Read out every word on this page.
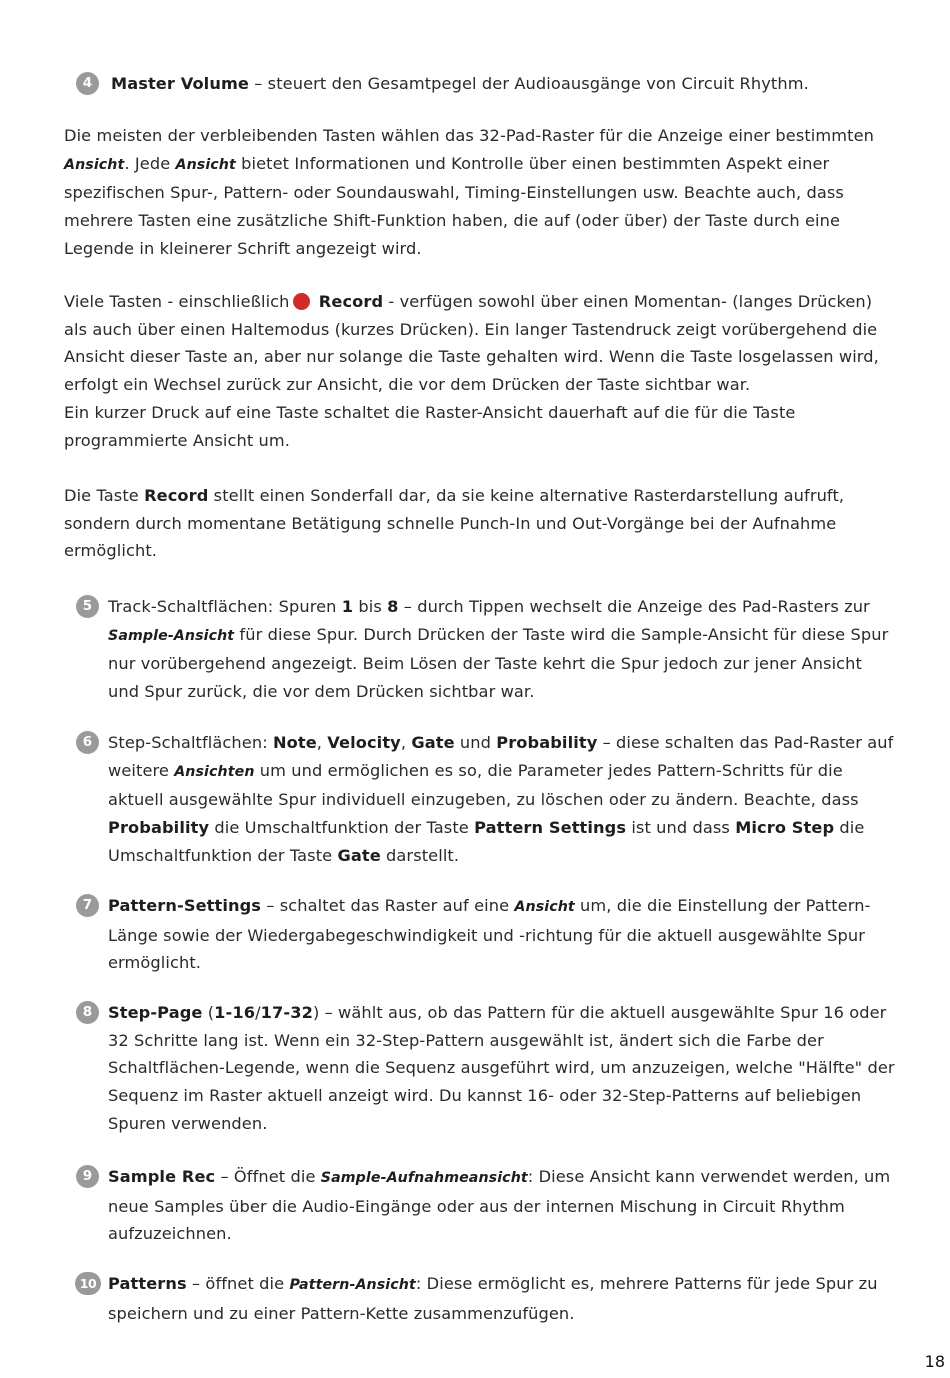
4	Master Volume – steuert den Gesamtpegel der Audioausgänge von Circuit Rhythm.

Die meisten der verbleibenden Tasten wählen das 32-Pad-Raster für die Anzeige einer bestimmten Ansicht. Jede Ansicht bietet Informationen und Kontrolle über einen bestimmten Aspekt einer spezifischen Spur-, Pattern- oder Soundauswahl, Timing-Einstellungen usw. Beachte auch, dass mehrere Tasten eine zusätzliche Shift-Funktion haben, die auf (oder über) der Taste durch eine Legende in kleinerer Schrift angezeigt wird.

Viele Tasten - einschließlich Record - verfügen sowohl über einen Momentan- (langes Drücken) als auch über einen Haltemodus (kurzes Drücken). Ein langer Tastendruck zeigt vorübergehend die Ansicht dieser Taste an, aber nur solange die Taste gehalten wird. Wenn die Taste losgelassen wird, erfolgt ein Wechsel zurück zur Ansicht, die vor dem Drücken der Taste sichtbar war.
Ein kurzer Druck auf eine Taste schaltet die Raster-Ansicht dauerhaft auf die für die Taste programmierte Ansicht um.

Die Taste Record stellt einen Sonderfall dar, da sie keine alternative Rasterdarstellung aufruft, sondern durch momentane Betätigung schnelle Punch-In und Out-Vorgänge bei der Aufnahme ermöglicht.

5 Track-Schaltflächen: Spuren 1 bis 8 – durch Tippen wechselt die Anzeige des Pad-Rasters zur Sample-Ansicht für diese Spur. Durch Drücken der Taste wird die Sample-Ansicht für diese Spur nur vorübergehend angezeigt. Beim Lösen der Taste kehrt die Spur jedoch zur jener Ansicht und Spur zurück, die vor dem Drücken sichtbar war.

6 Step-Schaltflächen: Note, Velocity, Gate und Probability – diese schalten das Pad-Raster auf weitere Ansichten um und ermöglichen es so, die Parameter jedes Pattern-Schritts für die aktuell ausgewählte Spur individuell einzugeben, zu löschen oder zu ändern. Beachte, dass Probability die Umschaltfunktion der Taste Pattern Settings ist und dass Micro Step die Umschaltfunktion der Taste Gate darstellt.

7 Pattern-Settings – schaltet das Raster auf eine Ansicht um, die die Einstellung der Pattern-Länge sowie der Wiedergabegeschwindigkeit und -richtung für die aktuell ausgewählte Spur ermöglicht.

8 Step-Page (1-16/17-32) – wählt aus, ob das Pattern für die aktuell ausgewählte Spur 16 oder 32 Schritte lang ist. Wenn ein 32-Step-Pattern ausgewählt ist, ändert sich die Farbe der Schaltflächen-Legende, wenn die Sequenz ausgeführt wird, um anzuzeigen, welche "Hälfte" der Sequenz im Raster aktuell anzeigt wird. Du kannst 16- oder 32-Step-Patterns auf beliebigen Spuren verwenden.

9 Sample Rec – Öffnet die Sample-Aufnahmeansicht: Diese Ansicht kann verwendet werden, um neue Samples über die Audio-Eingänge oder aus der internen Mischung in Circuit Rhythm aufzuzeichnen.

10 Patterns – öffnet die Pattern-Ansicht: Diese ermöglicht es, mehrere Patterns für jede Spur zu speichern und zu einer Pattern-Kette zusammenzufügen.

18
